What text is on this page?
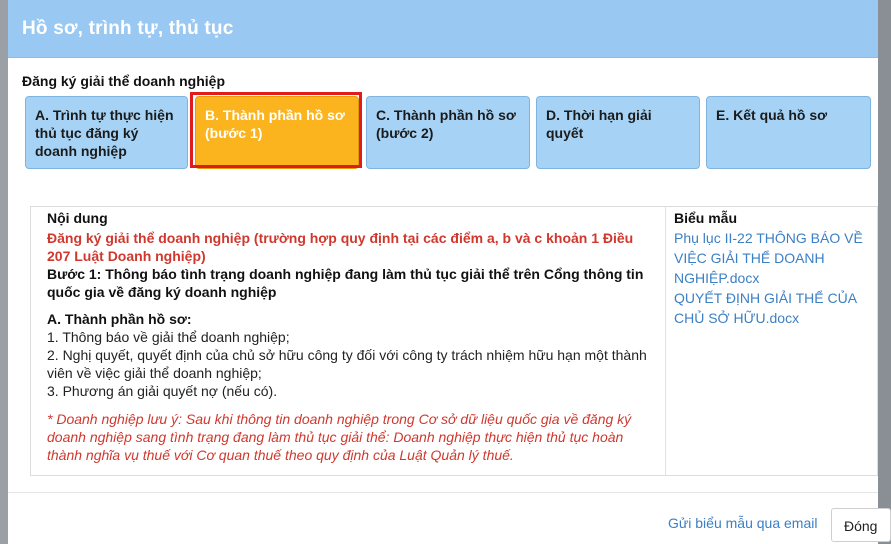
Hồ sơ, trình tự, thủ tục
Đăng ký giải thể doanh nghiệp
A. Trình tự thực hiện
thủ tục đăng ký
doanh nghiệp
B. Thành phần hồ sơ
(bước 1)
C. Thành phần hồ sơ
(bước 2)
D. Thời hạn giải
quyết
E. Kết quả hồ sơ
Nội dung
Đăng ký giải thể doanh nghiệp (trường hợp quy định tại các điểm a, b và c khoản 1 Điều
207 Luật Doanh nghiệp)
Bước 1: Thông báo tình trạng doanh nghiệp đang làm thủ tục giải thể trên Cổng thông tin
quốc gia về đăng ký doanh nghiệp
A. Thành phần hồ sơ:
1. Thông báo về giải thể doanh nghiệp;
2. Nghị quyết, quyết định của chủ sở hữu công ty đối với công ty trách nhiệm hữu hạn một thành
viên về việc giải thể doanh nghiệp;
3. Phương án giải quyết nợ (nếu có).
* Doanh nghiệp lưu ý: Sau khi thông tin doanh nghiệp trong Cơ sở dữ liệu quốc gia về đăng ký
doanh nghiệp sang tình trạng đang làm thủ tục giải thể: Doanh nghiệp thực hiện thủ tục hoàn
thành nghĩa vụ thuế với Cơ quan thuế theo quy định của Luật Quản lý thuế.
Biểu mẫu
Phụ lục II-22 THÔNG BÁO VỀ
VIỆC GIẢI THỂ DOANH
NGHIỆP.docx
QUYẾT ĐỊNH GIẢI THỂ CỦA
CHỦ SỞ HỮU.docx
Gửi biểu mẫu qua email	Đóng
